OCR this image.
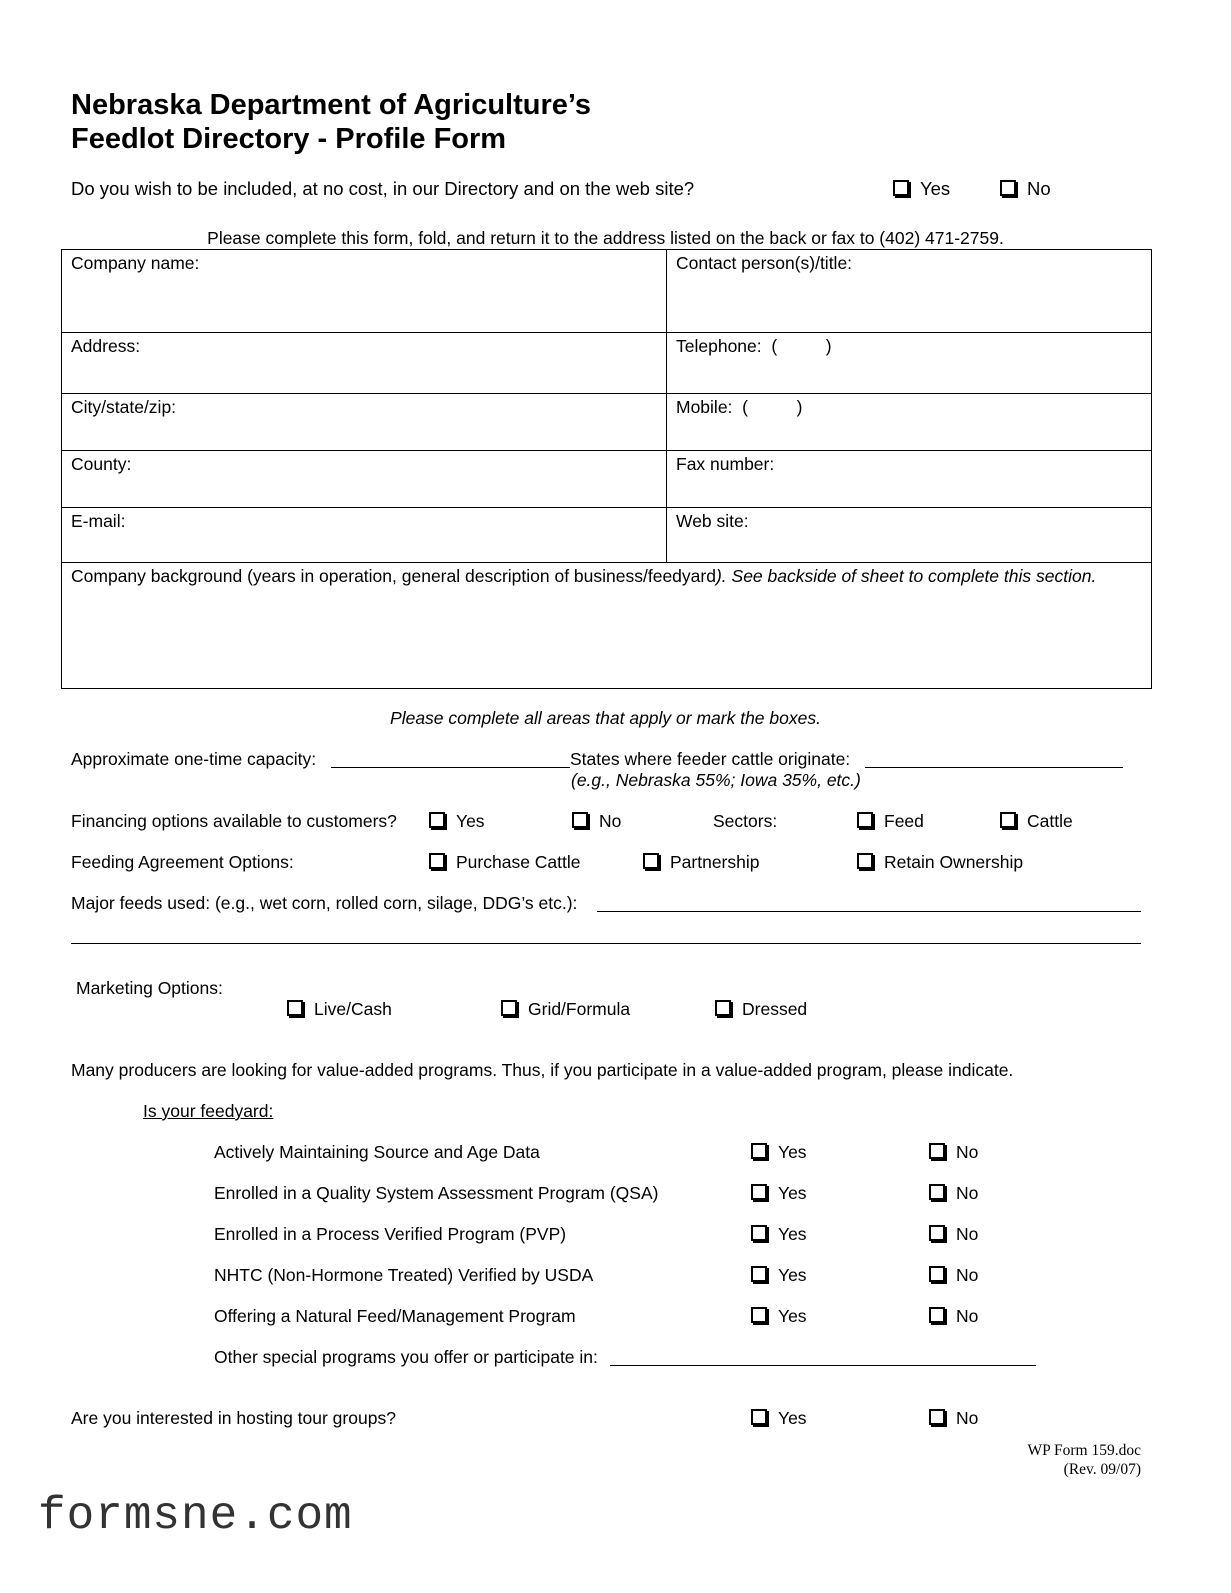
Nebraska Department of Agriculture’s
Feedlot Directory - Profile Form
Do you wish to be included, at no cost, in our Directory and on the web site?	Yes	No
Please complete this form, fold, and return it to the address listed on the back or fax to (402) 471-2759.
Company name:	Contact person(s)/title:
Address:	Telephone:  (          )
City/state/zip:	Mobile:  (          )
County:	Fax number:
E-mail:	Web site:
Company background (years in operation, general description of business/feedyard). See backside of sheet to complete this section.	
Please complete all areas that apply or mark the boxes.
Approximate one-time capacity:	States where feeder cattle originate:
(e.g., Nebraska 55%; Iowa 35%, etc.)
Financing options available to customers?	Yes	No	Sectors:	Feed	Cattle
Feeding Agreement Options:	Purchase Cattle	Partnership	Retain Ownership
Major feeds used: (e.g., wet corn, rolled corn, silage, DDG’s etc.):
Marketing Options:
Live/Cash	Grid/Formula	Dressed
Many producers are looking for value-added programs. Thus, if you participate in a value-added program, please indicate.
Is your feedyard:
Actively Maintaining Source and Age Data	Yes	No
Enrolled in a Quality System Assessment Program (QSA)	Yes	No
Enrolled in a Process Verified Program (PVP)	Yes	No
NHTC (Non-Hormone Treated) Verified by USDA	Yes	No
Offering a Natural Feed/Management Program	Yes	No
Other special programs you offer or participate in:
Are you interested in hosting tour groups?	Yes	No
WP Form 159.doc
(Rev. 09/07)
formsne.com
